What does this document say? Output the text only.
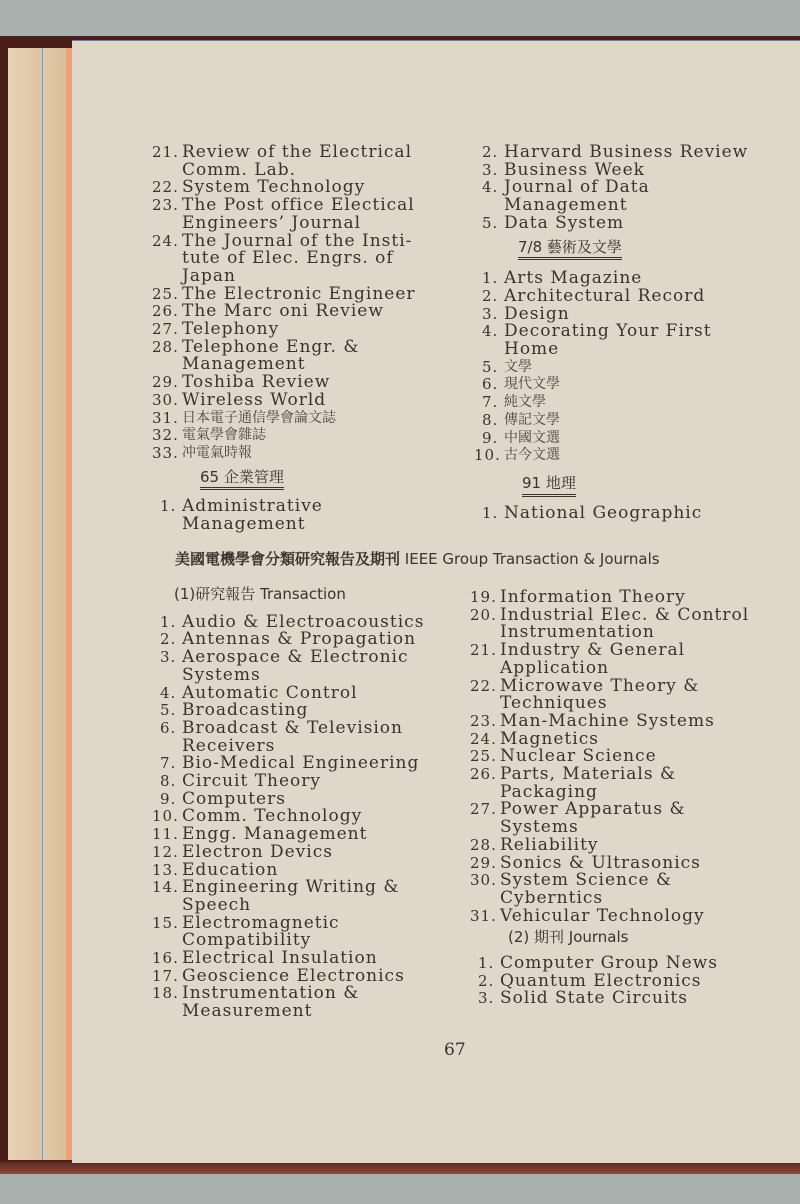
21. Review of the Electrical
Comm. Lab.
22. System Technology
23. The Post office Electical
Engineers’ Journal
24. The Journal of the Insti-
tute of Elec. Engrs. of
Japan
25. The Electronic Engineer
26. The Marc oni Review
27. Telephony
28. Telephone Engr. &
Management
29. Toshiba Review
30. Wireless World
31. 日本電子通信學會論文誌
32. 電氣學會雜誌
33. 冲電氣時報
65 企業管理
1. Administrative
Management
2. Harvard Business Review
3. Business Week
4. Journal of Data
Management
5. Data System
7/8 藝術及文學
1. Arts Magazine
2. Architectural Record
3. Design
4. Decorating Your First
Home
5. 文學
6. 現代文學
7. 純文學
8. 傳記文學
9. 中國文選
10. 古今文選
91 地理
1. National Geographic
美國電機學會分類研究報告及期刊 IEEE Group Transaction & Journals
(1)研究報告 Transaction
1. Audio & Electroacoustics
2. Antennas & Propagation
3. Aerospace & Electronic
Systems
4. Automatic Control
5. Broadcasting
6. Broadcast & Television
Receivers
7. Bio-Medical Engineering
8. Circuit Theory
9. Computers
10. Comm. Technology
11. Engg. Management
12. Electron Devics
13. Education
14. Engineering Writing &
Speech
15. Electromagnetic
Compatibility
16. Electrical Insulation
17. Geoscience Electronics
18. Instrumentation &
Measurement
19. Information Theory
20. Industrial Elec. & Control
Instrumentation
21. Industry & General
Application
22. Microwave Theory &
Techniques
23. Man-Machine Systems
24. Magnetics
25. Nuclear Science
26. Parts, Materials &
Packaging
27. Power Apparatus &
Systems
28. Reliability
29. Sonics & Ultrasonics
30. System Science &
Cyberntics
31. Vehicular Technology
(2) 期刊 Journals
1. Computer Group News
2. Quantum Electronics
3. Solid State Circuits
67
